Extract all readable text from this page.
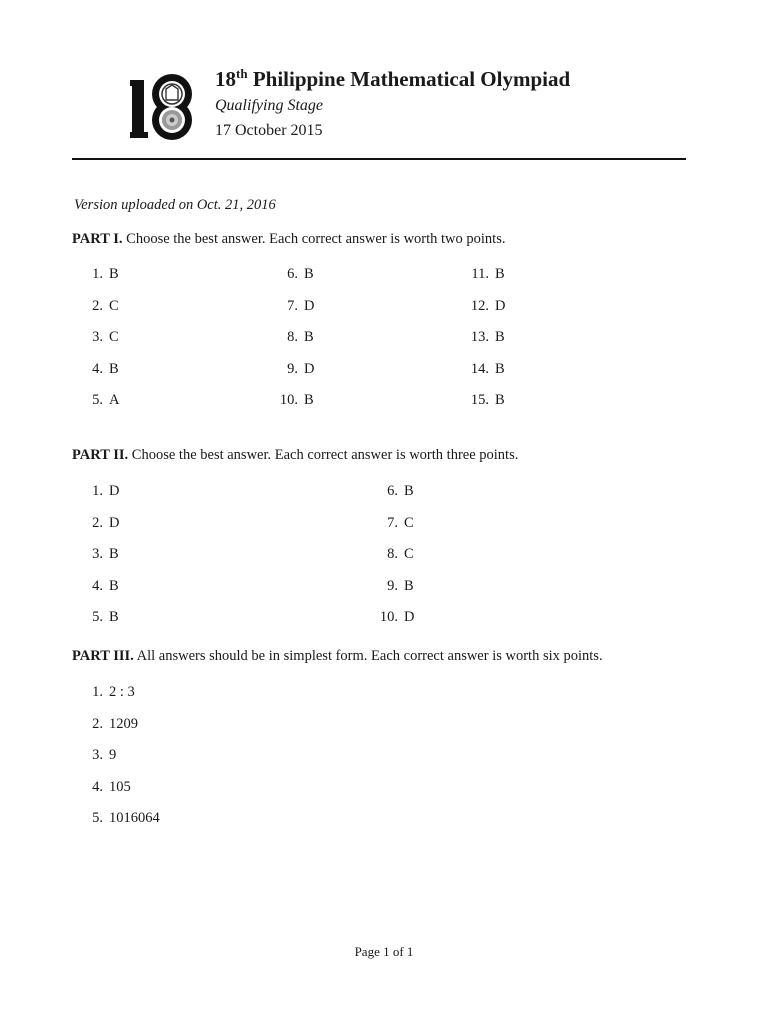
18th Philippine Mathematical Olympiad
Qualifying Stage
17 October 2015
Version uploaded on Oct. 21, 2016
PART I. Choose the best answer. Each correct answer is worth two points.
1. B
2. C
3. C
4. B
5. A
6. B
7. D
8. B
9. D
10. B
11. B
12. D
13. B
14. B
15. B
PART II. Choose the best answer. Each correct answer is worth three points.
1. D
2. D
3. B
4. B
5. B
6. B
7. C
8. C
9. B
10. D
PART III. All answers should be in simplest form. Each correct answer is worth six points.
1. 2 : 3
2. 1209
3. 9
4. 105
5. 1016064
Page 1 of 1
